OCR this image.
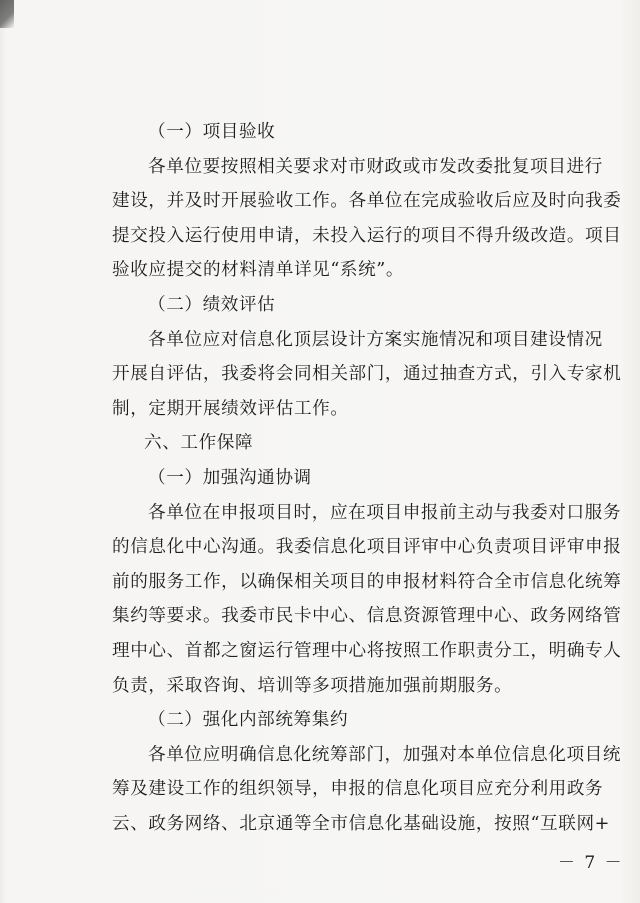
（一）项目验收
各单位要按照相关要求对市财政或市发改委批复项目进行
建设，并及时开展验收工作。各单位在完成验收后应及时向我委
提交投入运行使用申请，未投入运行的项目不得升级改造。项目
验收应提交的材料清单详见“系统”。
（二）绩效评估
各单位应对信息化顶层设计方案实施情况和项目建设情况
开展自评估，我委将会同相关部门，通过抽查方式，引入专家机
制，定期开展绩效评估工作。
六、工作保障
（一）加强沟通协调
各单位在申报项目时，应在项目申报前主动与我委对口服务
的信息化中心沟通。我委信息化项目评审中心负责项目评审申报
前的服务工作，以确保相关项目的申报材料符合全市信息化统筹
集约等要求。我委市民卡中心、信息资源管理中心、政务网络管
理中心、首都之窗运行管理中心将按照工作职责分工，明确专人
负责，采取咨询、培训等多项措施加强前期服务。
（二）强化内部统筹集约
各单位应明确信息化统筹部门，加强对本单位信息化项目统
筹及建设工作的组织领导，申报的信息化项目应充分利用政务
云、政务网络、北京通等全市信息化基础设施，按照“互联网+
－ 7 －
